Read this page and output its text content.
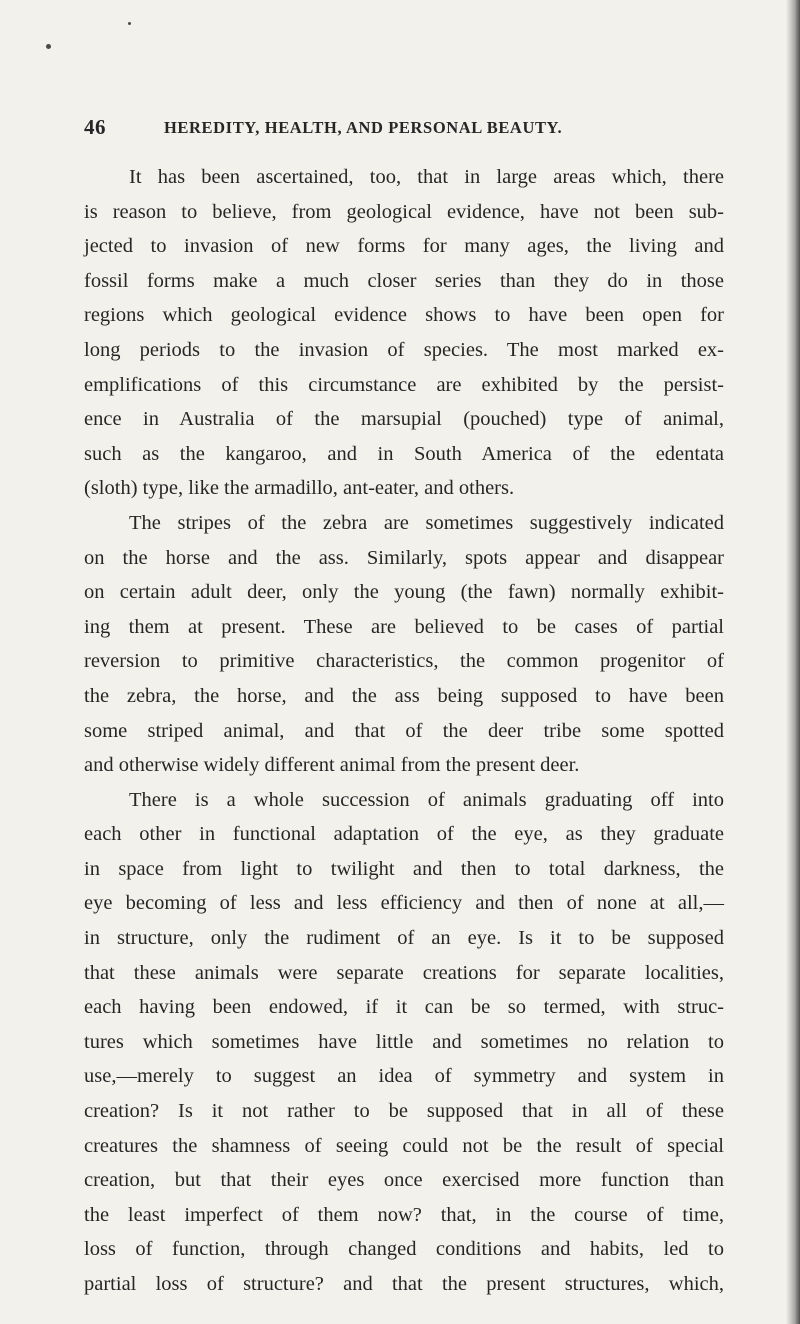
46	HEREDITY, HEALTH, AND PERSONAL BEAUTY.
It has been ascertained, too, that in large areas which, there
is reason to believe, from geological evidence, have not been sub-
jected to invasion of new forms for many ages, the living and
fossil forms make a much closer series than they do in those
regions which geological evidence shows to have been open for
long periods to the invasion of species. The most marked ex-
emplifications of this circumstance are exhibited by the persist-
ence in Australia of the marsupial (pouched) type of animal,
such as the kangaroo, and in South America of the edentata
(sloth) type, like the armadillo, ant-eater, and others.
The stripes of the zebra are sometimes suggestively indicated
on the horse and the ass. Similarly, spots appear and disappear
on certain adult deer, only the young (the fawn) normally exhibit-
ing them at present. These are believed to be cases of partial
reversion to primitive characteristics, the common progenitor of
the zebra, the horse, and the ass being supposed to have been
some striped animal, and that of the deer tribe some spotted
and otherwise widely different animal from the present deer.
There is a whole succession of animals graduating off into
each other in functional adaptation of the eye, as they graduate
in space from light to twilight and then to total darkness, the
eye becoming of less and less efficiency and then of none at all,—
in structure, only the rudiment of an eye. Is it to be supposed
that these animals were separate creations for separate localities,
each having been endowed, if it can be so termed, with struc-
tures which sometimes have little and sometimes no relation to
use,—merely to suggest an idea of symmetry and system in
creation? Is it not rather to be supposed that in all of these
creatures the shamness of seeing could not be the result of special
creation, but that their eyes once exercised more function than
the least imperfect of them now? that, in the course of time,
loss of function, through changed conditions and habits, led to
partial loss of structure? and that the present structures, which,
